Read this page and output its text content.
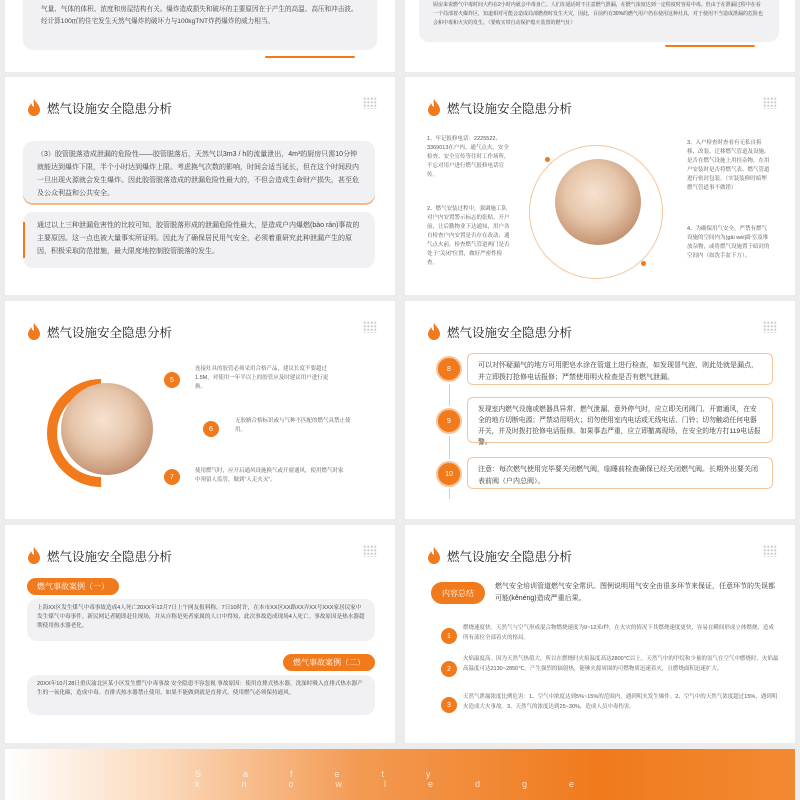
气量、气体的体积、浓度和房屋结构有关。爆炸造成损失和破坏的主要原因在于产生的高温、高压和冲击波。经计算100㎡的住宅发生天然气爆炸的破坏力与100kgTNT炸药爆炸的威力相当。
厨房来说燃气中毒时间大约在2小时内就会中毒身亡。人们在通话时不注意燃气泄漏，在燃气浓度达到一定程度时容易中毒。但由于在泄漏过程中在看一个局部着火爆炸区，知道相对可能会造成局部燃烧时发生火灾，因此，目前约有30%的燃气用户仍在使用这种灶具，对于使用不当造成泄漏的危险也会和中毒和火灾的发生。（要购买带自动保护熄火装置的燃气灶）
燃气设施安全隐患分析
（3）胶管脱落造成泄漏的危险性——胶管脱落后，天然气以3m3 / h的流量泄出，4m³的厨房只需10分钟就能达到爆炸下限，半个小时达到爆炸上限。考虑换气次数的影响，时间会适当延长，但在这个时间段内一旦出现火源就会发生爆炸。因此胶管脱落造成的泄漏危险性最大的，不但会造成生命财产损失，甚至危及公众利益和公共安全。
通过以上三种泄漏危害性的比较可知，胶管脱落形成的泄漏危险性最大，是造成户内爆燃(bào rán)事故的主要原因。这一点也被大量事实所证明。因此为了确保居民用气安全，必须着重研究此种泄漏产生的原因，积极采取防范措施，最大限度地控制胶管脱落的发生。
燃气设施安全隐患分析
1、牢记报修电话：2225522、3369013在户内、通气点火、安全检查、安全宣传等往时工作场所，不忘对用户进行燃气报修电话宣传。
2、燃气安装过程中，强调施工队对户内安置警示标志的张贴、开户前，让后勤物业下达通知，用户各自检查户内安置是否存在改动、通气点火前，检查燃气管道两门是否处于“关闭”位置，做好严密性检查。
3、入户检查时查看有无私自拆移、改装、迁移燃气管道及设施、是否在燃气设施上用挂杂物，在用户安装时是否将燃气表、燃气管道进行密封包装。（实装装修时暗埋燃气管道事不做错）
4、为确保用气安全，严禁有燃气设施的空间内为(gāi wéi)卧室及堆放杂物，或将燃气设施置于暗封的空间内（如洗手盆下方）。
燃气设施安全隐患分析
5
连接灶具的胶管必须采用合格产品，建议长度不要超过1.5M，对使用一年半以上的胶管应及时建议用户进行更换。
6
无胶路合格标识或与气种不匹配的燃气具禁止使用。
7
使用燃气时，应开启通风设施换气或开窗通风，使用燃气时家中须留人监管，做到“人走火灭”。
燃气设施安全隐患分析
8	可以对怀疑漏气的地方可用肥皂水涂在管道上进行检查，如发现冒气泡，则此处就是漏点，并立即拨打抢修电话报修；严禁使用明火检查是否有燃气泄漏。
9
发现室内燃气设施或燃器具异常、燃气泄漏、意外停气时，应立即关闭阀门、开窗通风，在安全的地方切断电源；严禁动用明火；切勿使用室内电话或无线电话、门铃；切勿触动任何电器开关，并及时拨打抢修电话报修。如果事态严重，应立即撤离现场，在安全的地方打119电话报警。
10
注意：每次燃气使用完毕要关闭燃气阀，临睡前检查确保已经关闭燃气阀。长期外出要关闭表前阀（户内总阀）。
燃气设施安全隐患分析
燃气事故案例（一）
上海XX区发生煤气中毒事故造成4人死亡20XX年12月7日上午网友报料称，7日10时许，在本市XX区XX路XX弄XX号XXX家居民家中发生煤气中毒事件。新民网记者随即赶往现场，并从自称是死者家属的人口中得知，此次事故造成现场4人死亡。事故原因是热水器超期使用热水器老化。
燃气事故案例（二）
20XX年10月28日重庆渝北区某小区发生燃气中毒事故 安全隐患不容忽视 事故原因：使用直排式热水器，洗澡时吸入直排式热水器产生的一氧化碳，造成中毒。直排式热水器禁止使用，如果不能做到就是直排式。使用燃气必须保持通风。
燃气设施安全隐患分析
内容总结
燃气安全培训管道燃气安全常识。图例说明用气安全由很多环节来保证，任意环节的失误都可能(kěnéng)造成严重后果。
1
燃烧速度快。天然气与空气形成混合物燃烧速度为9~12米/秒，在火灾的情况下其燃烧速度更快，容易在瞬间形成立体燃烧，造成所有部位全部着火的格局。
2
火焰温度高。因为天然气热值大，所以在燃烧时火焰温度高达2800℃以上。天然气中的甲烷和少量的氢气在空气中燃烧时，火焰最高温度可达2130~2850℃。产生强烈的辐射热，能够火源周围的可燃物质迅速着火，且燃烧面积迅速扩大。
3
天然气泄漏浓度比例危害：1、空气中浓度达到5%~15%的范围内，遇到明火发生爆炸。2、空气中的天然气浓度超过15%，遇到明火造成大火事故。3、天然气的浓度达到25~30%，造成人员中毒伤害。
Safety knowledge
